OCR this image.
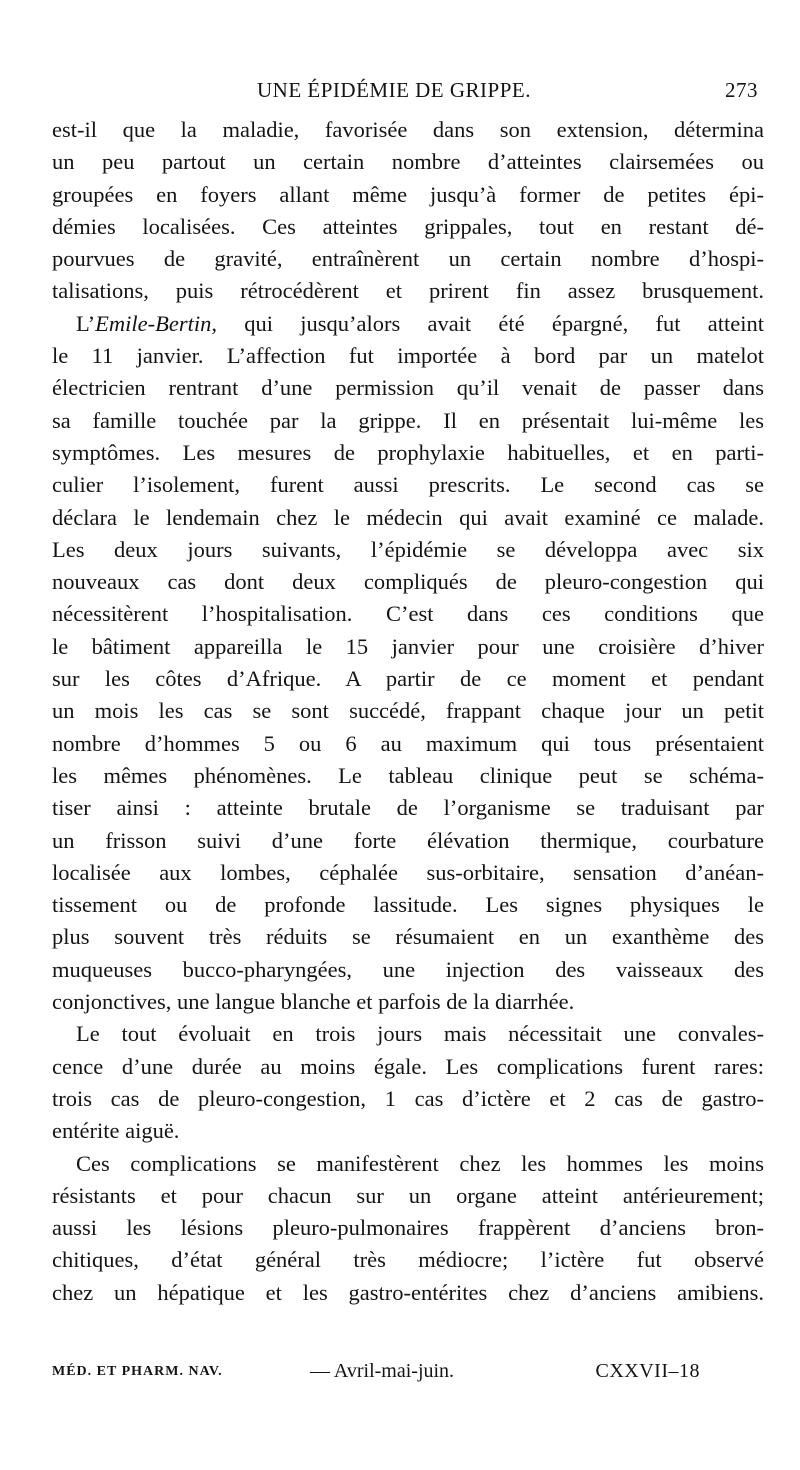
UNE ÉPIDÉMIE DE GRIPPE.	273
est-il que la maladie, favorisée dans son extension, détermina
un peu partout un certain nombre d’atteintes clairsemées ou
groupées en foyers allant même jusqu’à former de petites épi-
démies localisées. Ces atteintes grippales, tout en restant dé-
pourvues de gravité, entraînèrent un certain nombre d’hospi-
talisations, puis rétrocédèrent et prirent fin assez brusquement.
L’Emile-Bertin, qui jusqu’alors avait été épargné, fut atteint
le 11 janvier. L’affection fut importée à bord par un matelot
électricien rentrant d’une permission qu’il venait de passer dans
sa famille touchée par la grippe. Il en présentait lui-même les
symptômes. Les mesures de prophylaxie habituelles, et en parti-
culier l’isolement, furent aussi prescrits. Le second cas se
déclara le lendemain chez le médecin qui avait examiné ce malade.
Les deux jours suivants, l’épidémie se développa avec six
nouveaux cas dont deux compliqués de pleuro-congestion qui
nécessitèrent l’hospitalisation. C’est dans ces conditions que
le bâtiment appareilla le 15 janvier pour une croisière d’hiver
sur les côtes d’Afrique. A partir de ce moment et pendant
un mois les cas se sont succédé, frappant chaque jour un petit
nombre d’hommes 5 ou 6 au maximum qui tous présentaient
les mêmes phénomènes. Le tableau clinique peut se schéma-
tiser ainsi : atteinte brutale de l’organisme se traduisant par
un frisson suivi d’une forte élévation thermique, courbature
localisée aux lombes, céphalée sus-orbitaire, sensation d’anéan-
tissement ou de profonde lassitude. Les signes physiques le
plus souvent très réduits se résumaient en un exanthème des
muqueuses bucco-pharyngées, une injection des vaisseaux des
conjonctives, une langue blanche et parfois de la diarrhée.
Le tout évoluait en trois jours mais nécessitait une convales-
cence d’une durée au moins égale. Les complications furent rares:
trois cas de pleuro-congestion, 1 cas d’ictère et 2 cas de gastro-
entérite aiguë.
Ces complications se manifestèrent chez les hommes les moins
résistants et pour chacun sur un organe atteint antérieurement;
aussi les lésions pleuro-pulmonaires frappèrent d’anciens bron-
chitiques, d’état général très médiocre; l’ictère fut observé
chez un hépatique et les gastro-entérites chez d’anciens amibiens.
MÉD. ET PHARM. NAV.	— Avril-mai-juin.	CXXVII–18
